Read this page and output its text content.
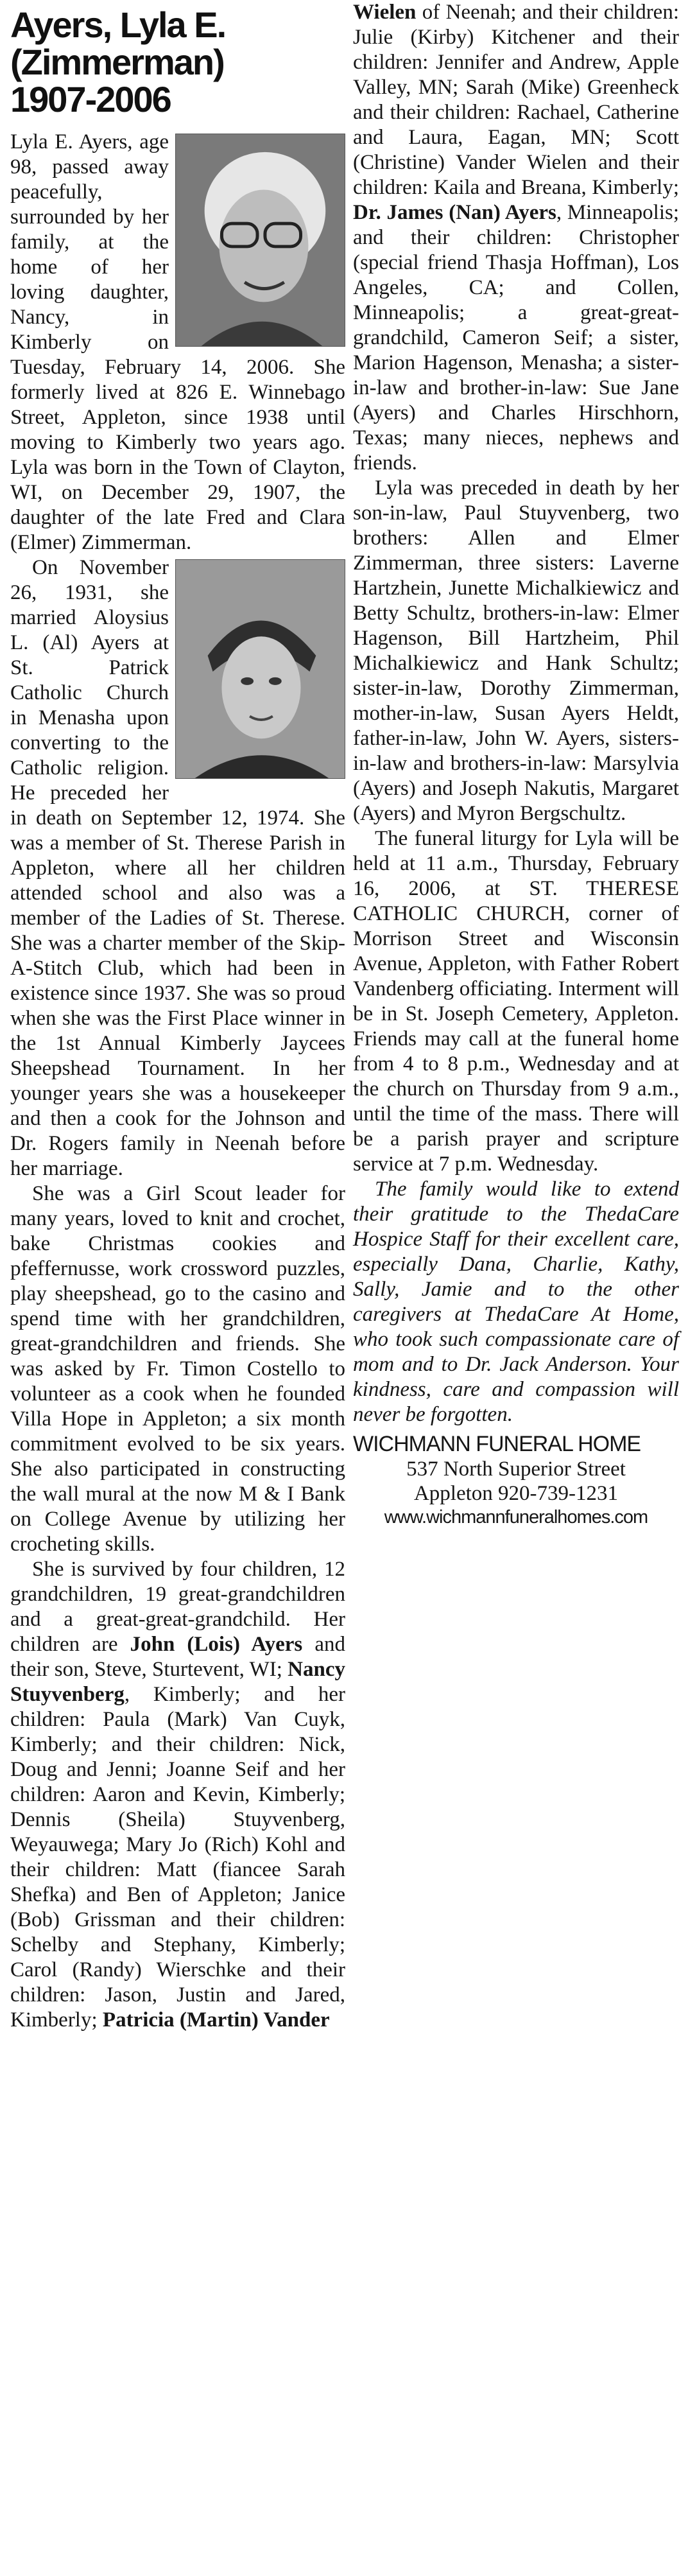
Ayers, Lyla E.
(Zimmerman)
1907-2006

Lyla E. Ayers, age 98, passed away peacefully, surrounded by her family, at the home of her loving daughter, Nancy, in Kimberly on Tuesday, February 14, 2006. She formerly lived at 826 E. Winnebago Street, Appleton, since 1938 until moving to Kimberly two years ago. Lyla was born in the Town of Clayton, WI, on December 29, 1907, the daughter of the late Fred and Clara (Elmer) Zimmerman.

On November 26, 1931, she married Aloysius L. (Al) Ayers at St. Patrick Catholic Church in Menasha upon converting to the Catholic religion. He preceded her in death on September 12, 1974. She was a member of St. Therese Parish in Appleton, where all her children attended school and also was a member of the Ladies of St. Therese. She was a charter member of the Skip-A-Stitch Club, which had been in existence since 1937. She was so proud when she was the First Place winner in the 1st Annual Kimberly Jaycees Sheepshead Tournament. In her younger years she was a housekeeper and then a cook for the Johnson and Dr. Rogers family in Neenah before her marriage.

She was a Girl Scout leader for many years, loved to knit and crochet, bake Christmas cookies and pfeffernusse, work crossword puzzles, play sheepshead, go to the casino and spend time with her grandchildren, great-grandchildren and friends. She was asked by Fr. Timon Costello to volunteer as a cook when he founded Villa Hope in Appleton; a six month commitment evolved to be six years. She also participated in constructing the wall mural at the now M & I Bank on College Avenue by utilizing her crocheting skills.

She is survived by four children, 12 grandchildren, 19 great-grandchildren and a great-great-grandchild. Her children are John (Lois) Ayers and their son, Steve, Sturtevent, WI; Nancy Stuyvenberg, Kimberly; and her children: Paula (Mark) Van Cuyk, Kimberly; and their children: Nick, Doug and Jenni; Joanne Seif and her children: Aaron and Kevin, Kimberly; Dennis (Sheila) Stuyvenberg, Weyauwega; Mary Jo (Rich) Kohl and their children: Matt (fiancee Sarah Shefka) and Ben of Appleton; Janice (Bob) Grissman and their children: Schelby and Stephany, Kimberly; Carol (Randy) Wierschke and their children: Jason, Justin and Jared, Kimberly; Patricia (Martin) Vander

Wielen of Neenah; and their children: Julie (Kirby) Kitchener and their children: Jennifer and Andrew, Apple Valley, MN; Sarah (Mike) Greenheck and their children: Rachael, Catherine and Laura, Eagan, MN; Scott (Christine) Vander Wielen and their children: Kaila and Breana, Kimberly; Dr. James (Nan) Ayers, Minneapolis; and their children: Christopher (special friend Thasja Hoffman), Los Angeles, CA; and Collen, Minneapolis; a great-great-grandchild, Cameron Seif; a sister, Marion Hagenson, Menasha; a sister-in-law and brother-in-law: Sue Jane (Ayers) and Charles Hirschhorn, Texas; many nieces, nephews and friends.

Lyla was preceded in death by her son-in-law, Paul Stuyvenberg, two brothers: Allen and Elmer Zimmerman, three sisters: Laverne Hartzhein, Junette Michalkiewicz and Betty Schultz, brothers-in-law: Elmer Hagenson, Bill Hartzheim, Phil Michalkiewicz and Hank Schultz; sister-in-law, Dorothy Zimmerman, mother-in-law, Susan Ayers Heldt, father-in-law, John W. Ayers, sisters-in-law and brothers-in-law: Marsylvia (Ayers) and Joseph Nakutis, Margaret (Ayers) and Myron Bergschultz.

The funeral liturgy for Lyla will be held at 11 a.m., Thursday, February 16, 2006, at ST. THERESE CATHOLIC CHURCH, corner of Morrison Street and Wisconsin Avenue, Appleton, with Father Robert Vandenberg officiating. Interment will be in St. Joseph Cemetery, Appleton. Friends may call at the funeral home from 4 to 8 p.m., Wednesday and at the church on Thursday from 9 a.m., until the time of the mass. There will be a parish prayer and scripture service at 7 p.m. Wednesday.

The family would like to extend their gratitude to the ThedaCare Hospice Staff for their excellent care, especially Dana, Charlie, Kathy, Sally, Jamie and to the other caregivers at ThedaCare At Home, who took such compassionate care of mom and to Dr. Jack Anderson. Your kindness, care and compassion will never be forgotten.

WICHMANN FUNERAL HOME
537 North Superior Street
Appleton 920-739-1231
www.wichmannfuneralhomes.com
